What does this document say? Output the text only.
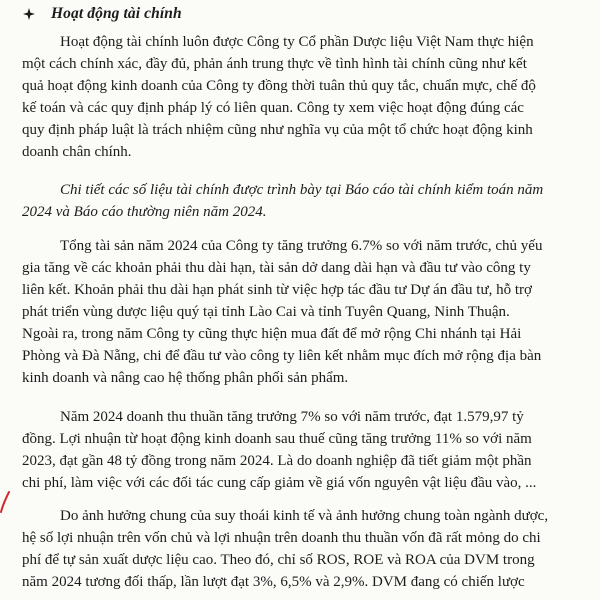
Hoạt động tài chính
Hoạt động tài chính luôn được Công ty Cổ phần Dược liệu Việt Nam thực hiện
một cách chính xác, đầy đủ, phản ánh trung thực về tình hình tài chính cũng như kết
quả hoạt động kinh doanh của Công ty đồng thời tuân thủ quy tắc, chuẩn mực, chế độ
kế toán và các quy định pháp lý có liên quan. Công ty xem việc hoạt động đúng các
quy định pháp luật là trách nhiệm cũng như nghĩa vụ của một tổ chức hoạt động kinh
doanh chân chính.
Chi tiết các số liệu tài chính được trình bày tại Báo cáo tài chính kiểm toán năm
2024 và Báo cáo thường niên năm 2024.
Tổng tài sản năm 2024 của Công ty tăng trưởng 6.7% so với năm trước, chủ yếu
gia tăng về các khoản phải thu dài hạn, tài sản dở dang dài hạn và đầu tư vào công ty
liên kết. Khoản phải thu dài hạn phát sinh từ việc hợp tác đầu tư Dự án đầu tư, hỗ trợ
phát triển vùng dược liệu quý tại tỉnh Lào Cai và tỉnh Tuyên Quang, Ninh Thuận.
Ngoài ra, trong năm Công ty cũng thực hiện mua đất để mở rộng Chi nhánh tại Hải
Phòng và Đà Nẵng, chi để đầu tư vào công ty liên kết nhằm mục đích mở rộng địa bàn
kinh doanh và nâng cao hệ thống phân phối sản phẩm.
Năm 2024 doanh thu thuần tăng trưởng 7% so với năm trước, đạt 1.579,97 tỷ
đồng. Lợi nhuận từ hoạt động kinh doanh sau thuế cũng tăng trưởng 11% so với năm
2023, đạt gần 48 tỷ đồng trong năm 2024. Là do doanh nghiệp đã tiết giảm một phần
chi phí, làm việc với các đối tác cung cấp giảm về giá vốn nguyên vật liệu đầu vào, ...
Do ảnh hưởng chung của suy thoái kinh tế và ảnh hưởng chung toàn ngành dược,
hệ số lợi nhuận trên vốn chủ và lợi nhuận trên doanh thu thuần vốn đã rất mỏng do chi
phí để tự sản xuất dược liệu cao. Theo đó, chỉ số ROS, ROE và ROA của DVM trong
năm 2024 tương đối thấp, lần lượt đạt 3%, 6,5% và 2,9%. DVM đang có chiến lược
